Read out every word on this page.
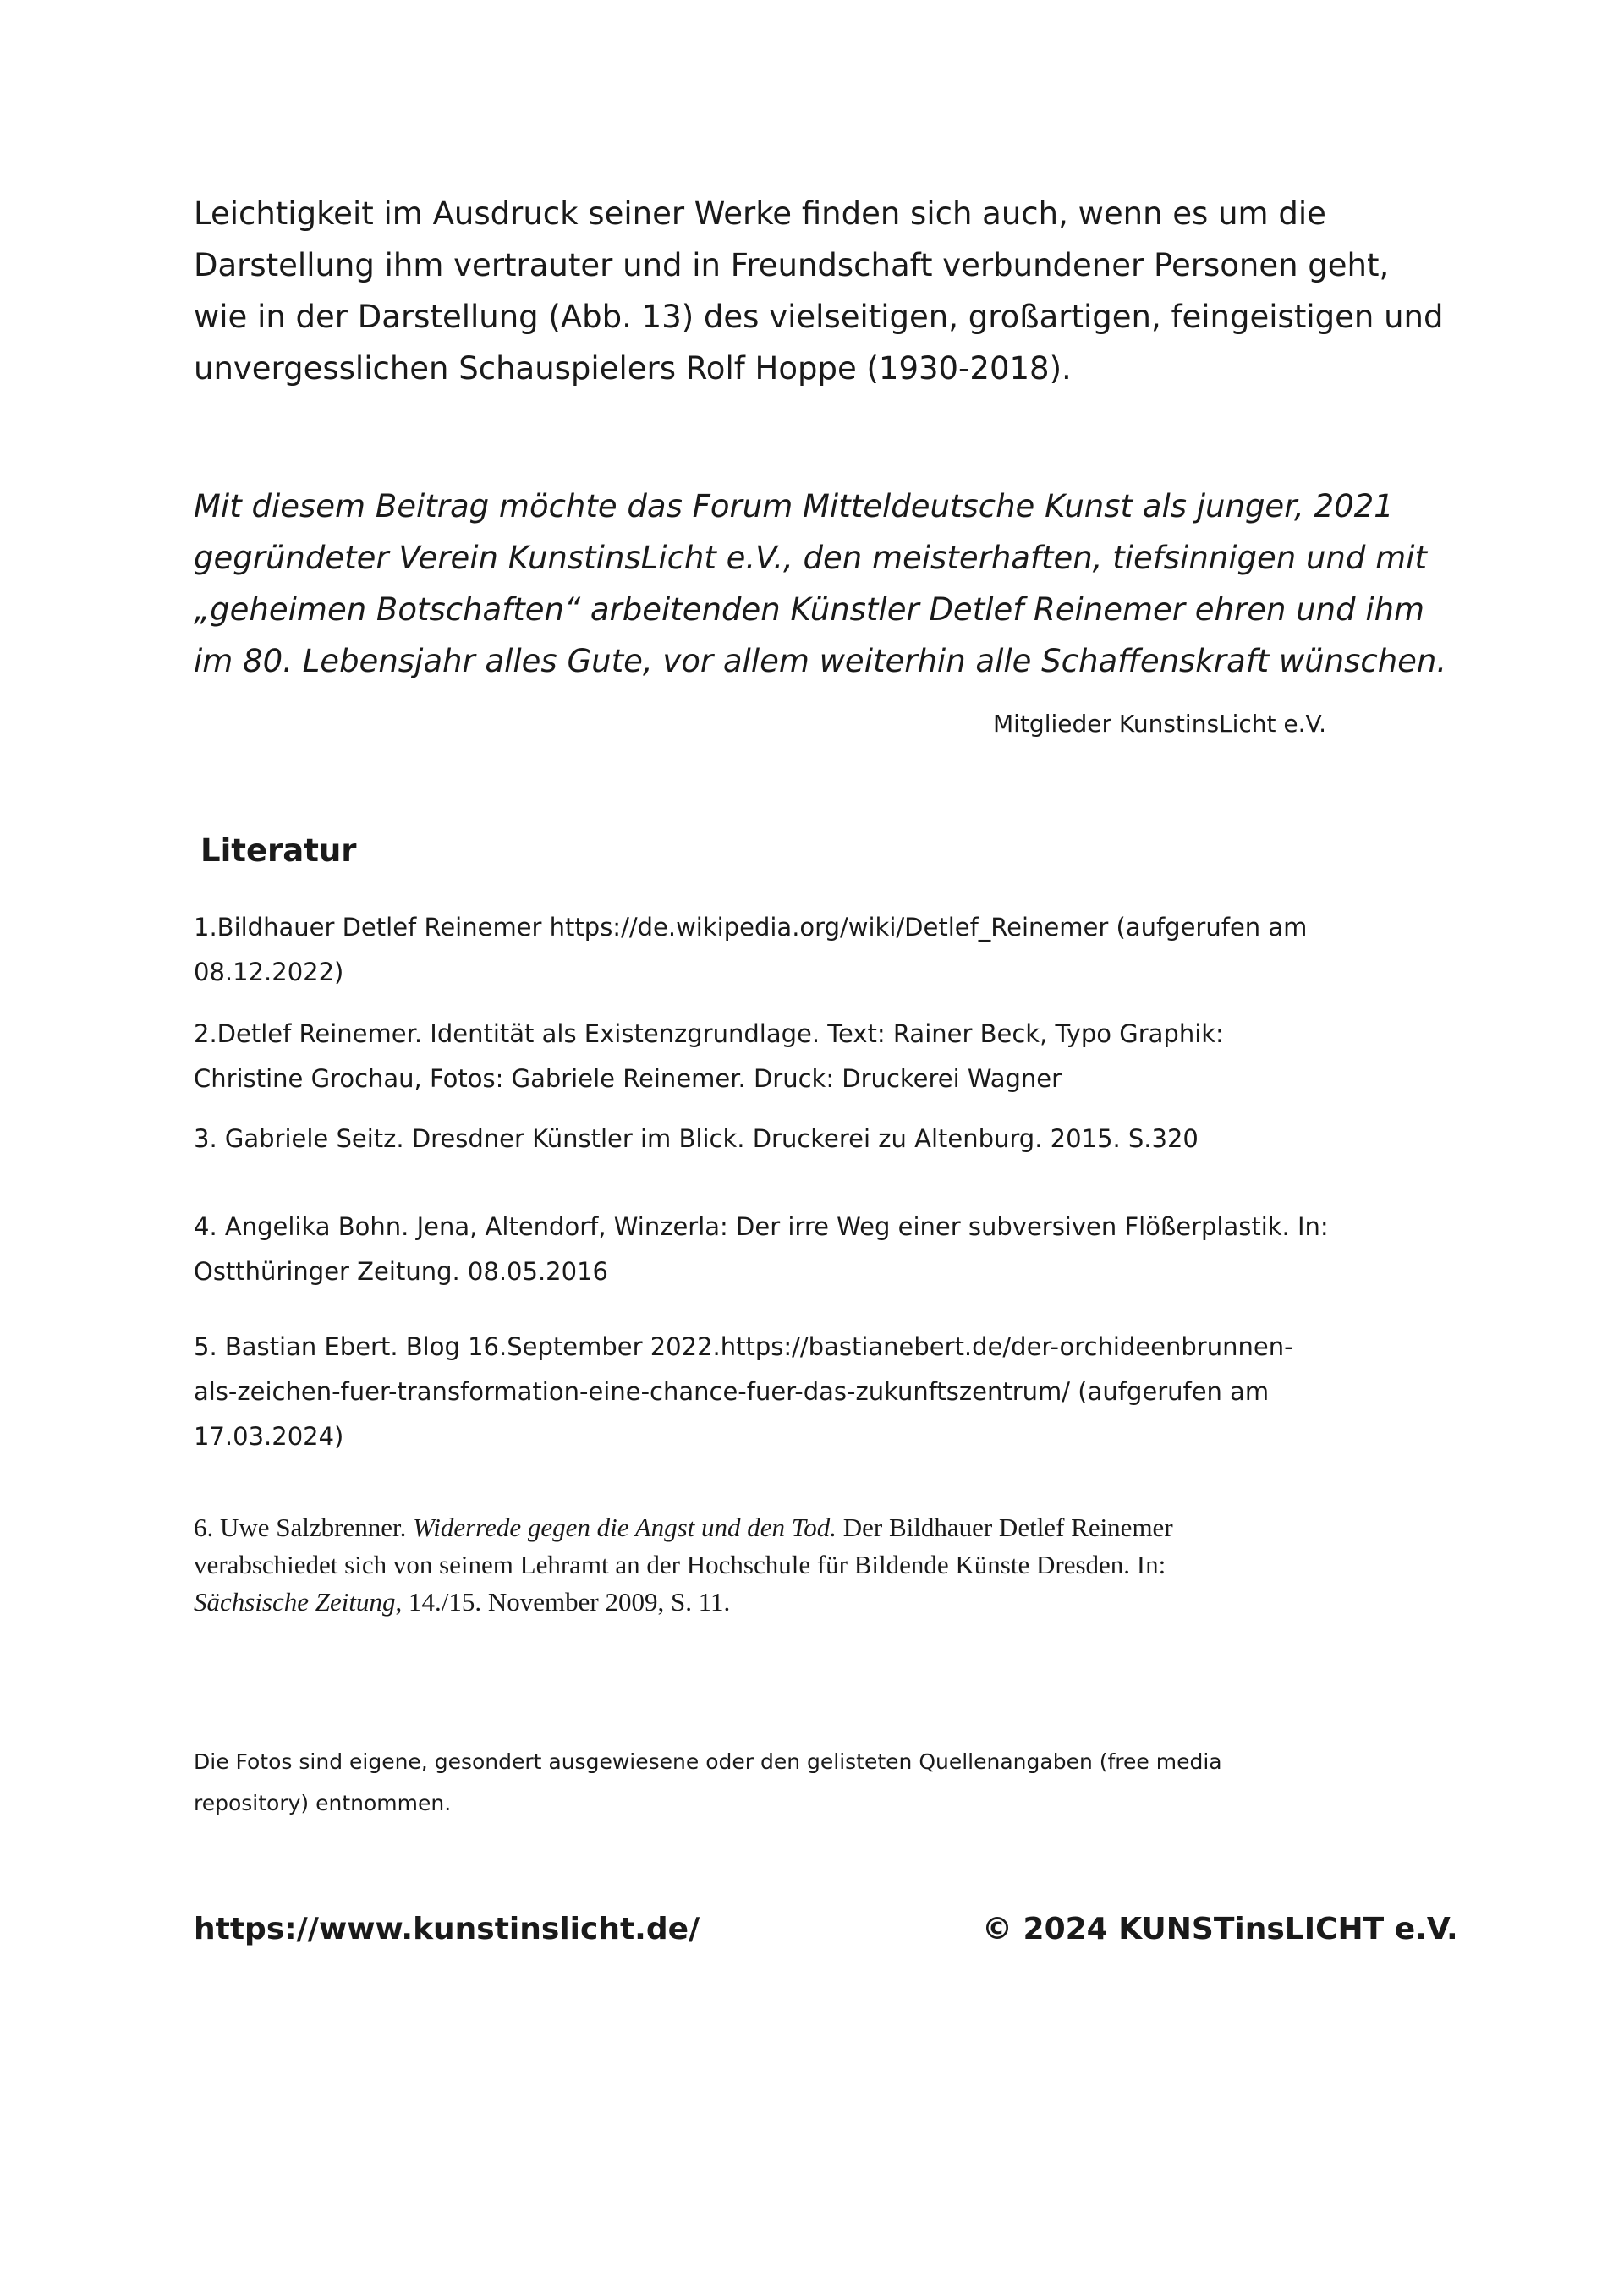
Leichtigkeit im Ausdruck seiner Werke finden sich auch, wenn es um die
Darstellung ihm vertrauter und in Freundschaft verbundener Personen geht,
wie in der Darstellung (Abb. 13) des vielseitigen, großartigen, feingeistigen und
unvergesslichen Schauspielers Rolf Hoppe (1930-2018).

Mit diesem Beitrag möchte das Forum Mitteldeutsche Kunst als junger, 2021
gegründeter Verein KunstinsLicht e.V., den meisterhaften, tiefsinnigen und mit
„geheimen Botschaften“ arbeitenden Künstler Detlef Reinemer ehren und ihm
im 80. Lebensjahr alles Gute, vor allem weiterhin alle Schaffenskraft wünschen.

Mitglieder KunstinsLicht e.V.
Literatur

1.Bildhauer Detlef Reinemer https://de.wikipedia.org/wiki/Detlef_Reinemer (aufgerufen am
08.12.2022)

2.Detlef Reinemer. Identität als Existenzgrundlage. Text: Rainer Beck, Typo Graphik:
Christine Grochau, Fotos: Gabriele Reinemer. Druck: Druckerei Wagner

3. Gabriele Seitz. Dresdner Künstler im Blick. Druckerei zu Altenburg. 2015. S.320

4. Angelika Bohn. Jena, Altendorf, Winzerla: Der irre Weg einer subversiven Flößerplastik. In:
Ostthüringer Zeitung. 08.05.2016

5. Bastian Ebert. Blog 16.September 2022.https://bastianebert.de/der-orchideenbrunnen-
als-zeichen-fuer-transformation-eine-chance-fuer-das-zukunftszentrum/ (aufgerufen am
17.03.2024)

6. Uwe Salzbrenner. Widerrede gegen die Angst und den Tod. Der Bildhauer Detlef Reinemer
verabschiedet sich von seinem Lehramt an der Hochschule für Bildende Künste Dresden. In:
Sächsische Zeitung, 14./15. November 2009, S. 11.

Die Fotos sind eigene, gesondert ausgewiesene oder den gelisteten Quellenangaben (free media
repository) entnommen.

https://www.kunstinslicht.de/	© 2024 KUNSTinsLICHT e.V.
